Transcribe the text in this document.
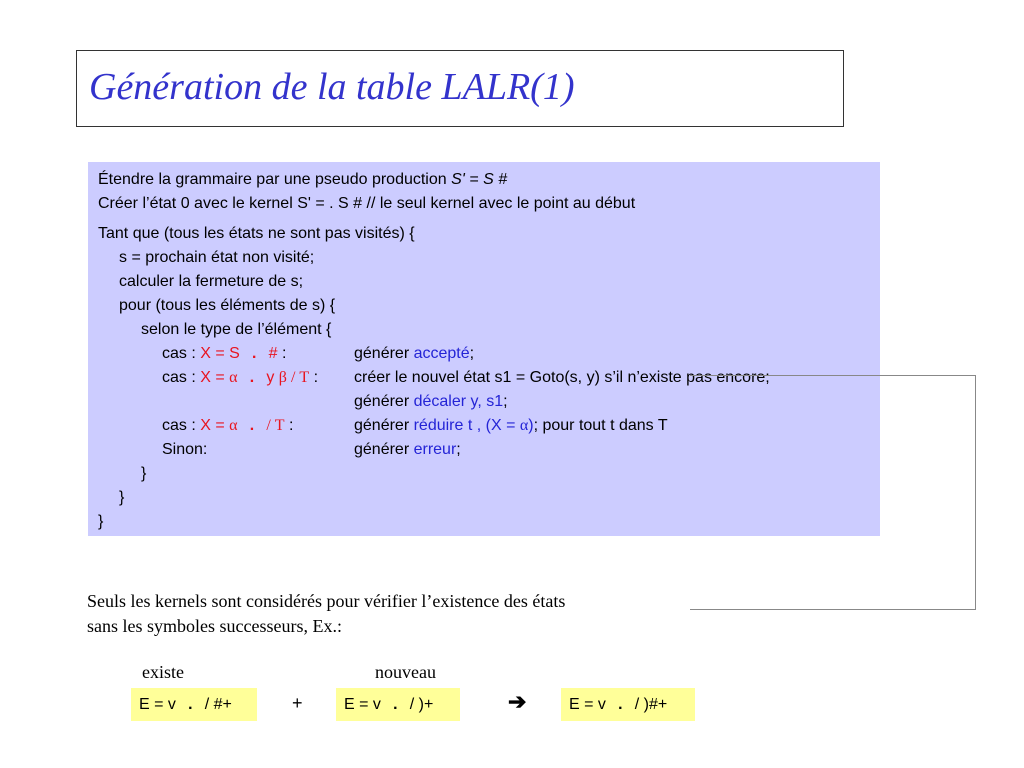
Génération de la table LALR(1)
Étendre la grammaire par une pseudo production S' = S #
Créer l’état 0 avec le kernel S' = . S # // le seul kernel avec le point au début
Tant que (tous les états ne sont pas visités) {
s = prochain état non visité;
calculer la fermeture de s;
pour (tous les éléments de s) {
selon le type de l’élément {
cas : X = S . # :	générer accepté;
cas : X = α . y β / T : créer le nouvel état s1 = Goto(s, y) s’il n’existe pas encore;
générer décaler y, s1;
cas : X = α . / T :	générer réduire t , (X = α); pour tout t dans T
Sinon:	générer erreur;
}
}
}
Seuls les kernels sont considérés pour vérifier l’existence des états
sans les symboles successeurs, Ex.:
existe	nouveau
E = v . / #+	+	E = v . / )+	➔	E = v . / )#+
